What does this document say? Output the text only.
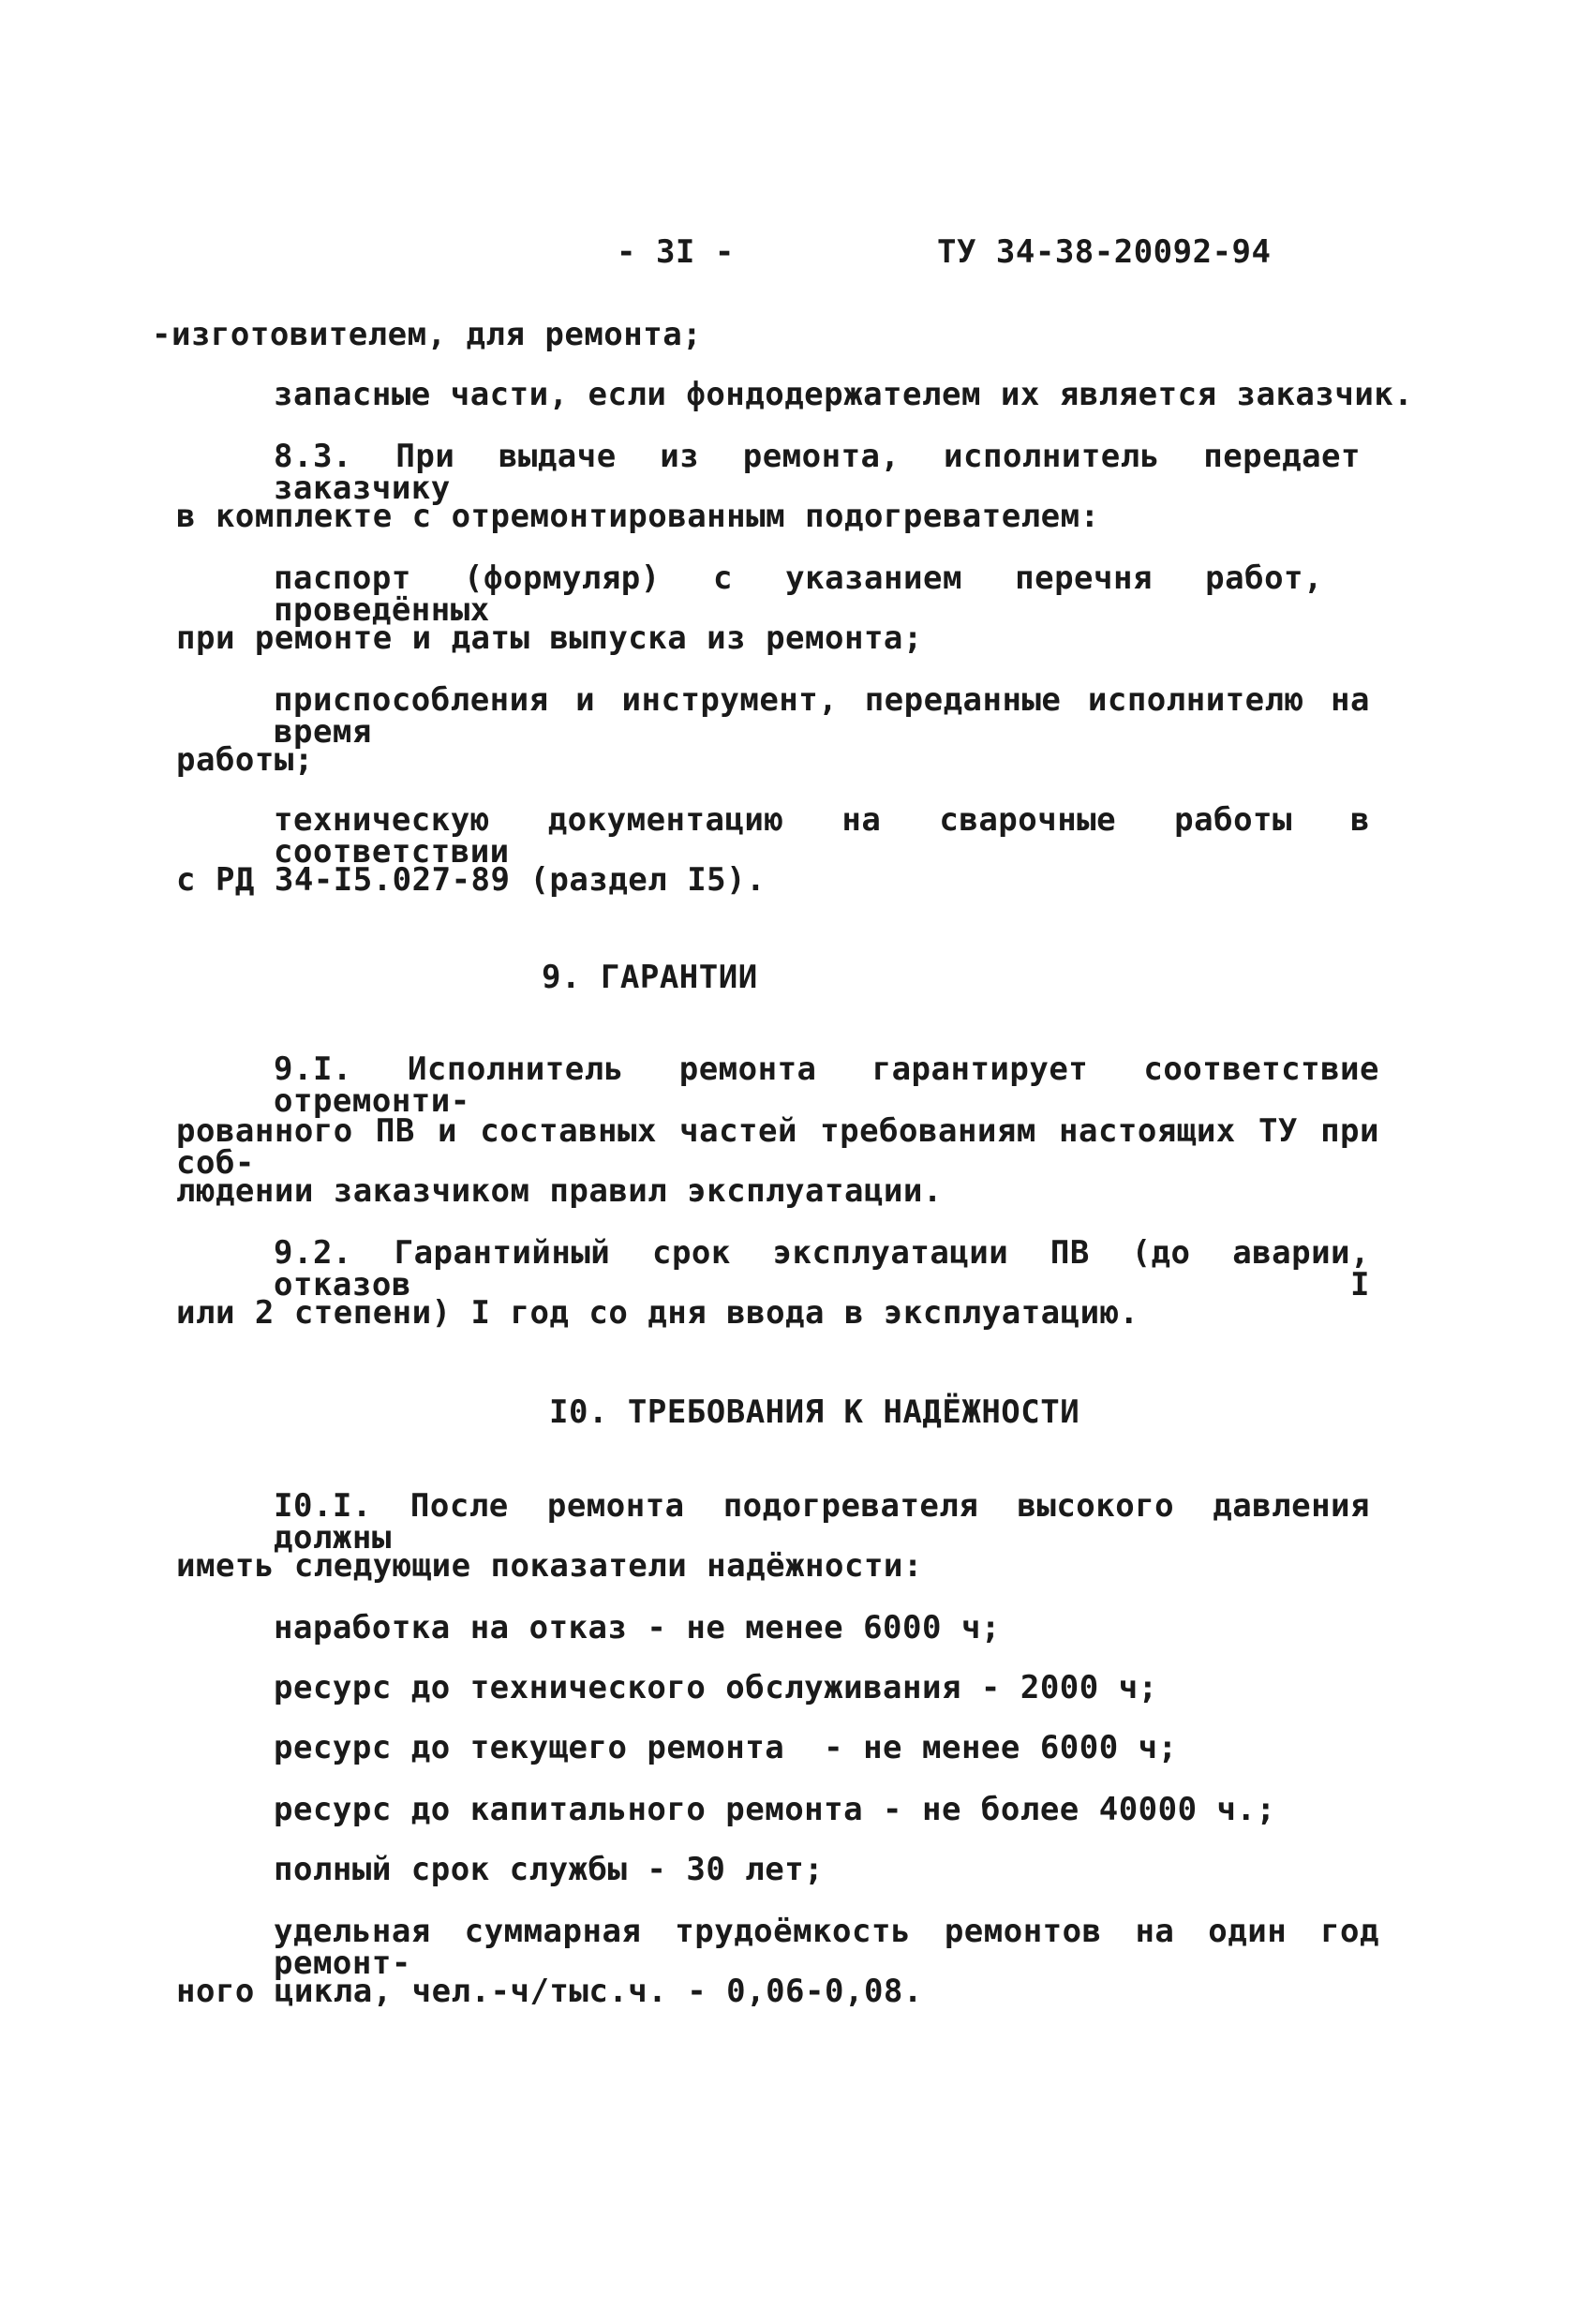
- 3I -	ТУ 34-38-20092-94
-изготовителем, для ремонта;
запасные части, если фондодержателем их является заказчик.
8.3. При выдаче из ремонта, исполнитель передает заказчику
в комплекте с отремонтированным подогревателем:
паспорт (формуляр) с указанием перечня работ, проведённых
при ремонте и даты выпуска из ремонта;
приспособления и инструмент, переданные исполнителю на время
работы;
техническую документацию на сварочные работы в соответствии
с РД 34-I5.027-89 (раздел I5).
9. ГАРАНТИИ
9.I. Исполнитель ремонта гарантирует соответствие отремонти-
рованного ПВ и составных частей требованиям настоящих ТУ при соб-
людении заказчиком правил эксплуатации.
9.2. Гарантийный срок эксплуатации ПВ (до аварии, отказов I
или 2 степени) I год со дня ввода в эксплуатацию.
I0. ТРЕБОВАНИЯ К НАДЁЖНОСТИ
I0.I. После ремонта подогревателя высокого давления должны
иметь следующие показатели надёжности:
наработка на отказ - не менее 6000 ч;
ресурс до технического обслуживания - 2000 ч;
ресурс до текущего ремонта  - не менее 6000 ч;
ресурс до капитального ремонта - не более 40000 ч.;
полный срок службы - 30 лет;
удельная суммарная трудоёмкость ремонтов на один год ремонт-
ного цикла, чел.-ч/тыс.ч. - 0,06-0,08.
